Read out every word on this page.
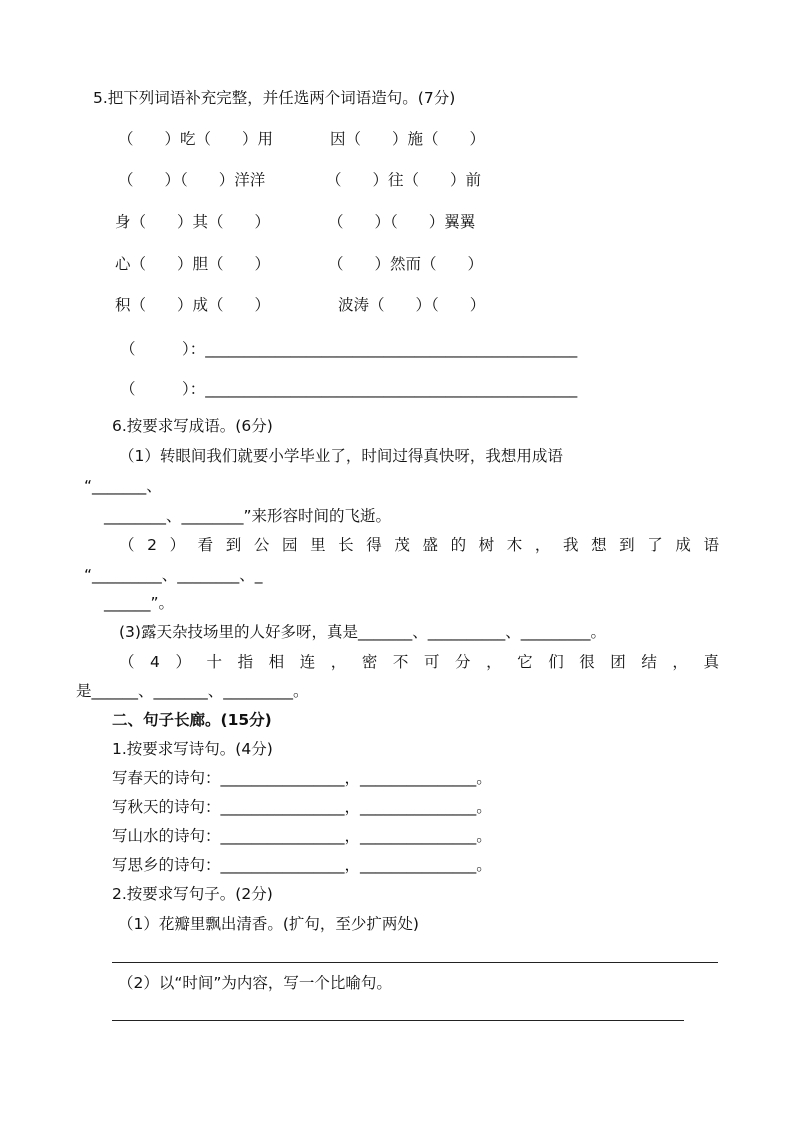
5.把下列词语补充完整，并任选两个词语造句。(7分)
（　　）吃（　　）用	因（　　）施（　　）
（　　）（　　）洋洋	（　　）往（　　）前
身（　　）其（　　）	（　　）（　　）翼翼
心（　　）胆（　　）	（　　）然而（　　）
积（　　）成（　　）	波涛（　　）（　　）
（　　　）：________________________________________________
（　　　）：________________________________________________
6.按要求写成语。(6分)
（1）转眼间我们就要小学毕业了，时间过得真快呀，我想用成语
“_______、
________、________”来形容时间的飞逝。
（2）看到公园里长得茂盛的树木，我想到了成语
“_________、________、_
______”。
(3)露天杂技场里的人好多呀，真是_______、__________、_________。
（4）十指相连，密不可分，它们很团结，真
是______、_______、_________。
二、句子长廊。(15分)
1.按要求写诗句。(4分)
写春天的诗句：________________，_______________。
写秋天的诗句：________________，_______________。
写山水的诗句：________________，_______________。
写思乡的诗句：________________，_______________。
2.按要求写句子。(2分)
（1）花瓣里飘出清香。(扩句，至少扩两处)
（2）以“时间”为内容，写一个比喻句。
